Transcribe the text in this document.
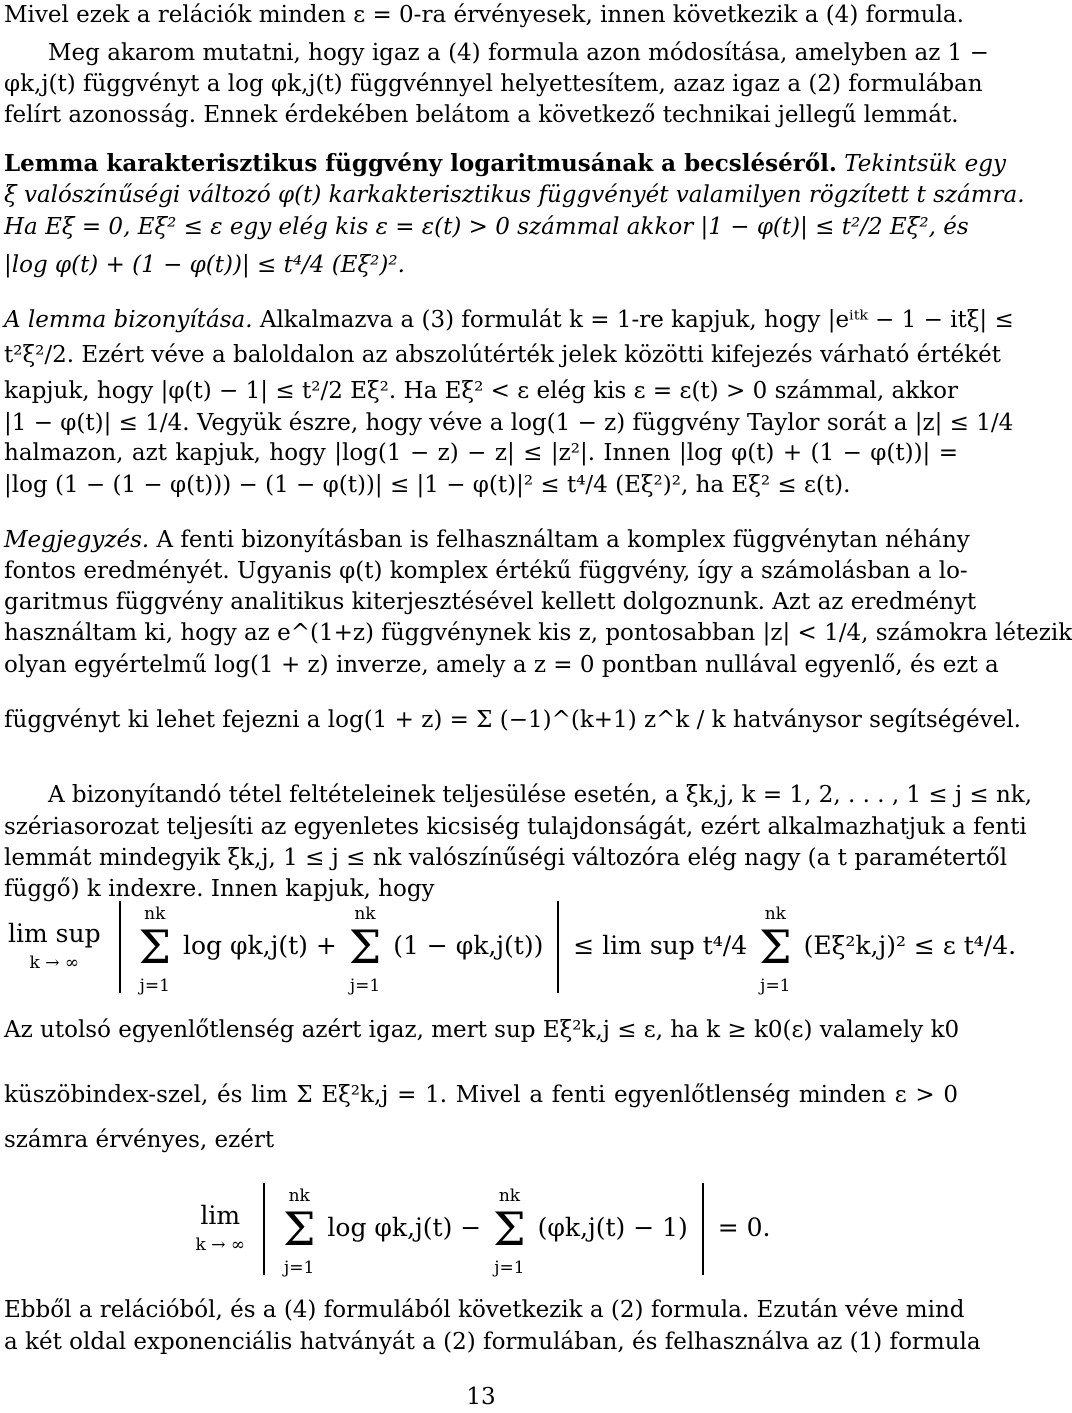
Mivel ezek a relációk minden ε = 0-ra érvényesek, innen következik a (4) formula.
Meg akarom mutatni, hogy igaz a (4) formula azon módosítása, amelyben az 1 −
φk,j(t) függvényt a log φk,j(t) függvénnyel helyettesítem, azaz igaz a (2) formulában
felírt azonosság. Ennek érdekében belátom a következő technikai jellegű lemmát.
Lemma karakterisztikus függvény logaritmusának a becsléséről. Tekintsük egy
ξ valószínűségi változó φ(t) karkakterisztikus függvényét valamilyen rögzített t számra.
Ha Eξ = 0, Eξ² ≤ ε egy elég kis ε = ε(t) > 0 számmal akkor |1 − φ(t)| ≤ t²/2 Eξ², és
|log φ(t) + (1 − φ(t))| ≤ t⁴/4 (Eξ²)².
A lemma bizonyítása. Alkalmazva a (3) formulát k = 1-re kapjuk, hogy |eⁱᵗᵏ − 1 − itξ| ≤
t²ξ²/2. Ezért véve a baloldalon az abszolútérték jelek közötti kifejezés várható értékét
kapjuk, hogy |φ(t) − 1| ≤ t²/2 Eξ². Ha Eξ² < ε elég kis ε = ε(t) > 0 számmal, akkor
|1 − φ(t)| ≤ 1/4. Vegyük észre, hogy véve a log(1 − z) függvény Taylor sorát a |z| ≤ 1/4
halmazon, azt kapjuk, hogy |log(1 − z) − z| ≤ |z²|. Innen |log φ(t) + (1 − φ(t))| =
|log (1 − (1 − φ(t))) − (1 − φ(t))| ≤ |1 − φ(t)|² ≤ t⁴/4 (Eξ²)², ha Eξ² ≤ ε(t).
Megjegyzés. A fenti bizonyításban is felhasználtam a komplex függvénytan néhány
fontos eredményét. Ugyanis φ(t) komplex értékű függvény, így a számolásban a lo-
garitmus függvény analitikus kiterjesztésével kellett dolgoznunk. Azt az eredményt
használtam ki, hogy az e^(1+z) függvénynek kis z, pontosabban |z| < 1/4, számokra létezik
olyan egyértelmű log(1 + z) inverze, amely a z = 0 pontban nullával egyenlő, és ezt a
függvényt ki lehet fejezni a log(1 + z) = Σ (−1)^(k+1) z^k / k hatványsor segítségével.
A bizonyítandó tétel feltételeinek teljesülése esetén, a ξk,j, k = 1, 2, . . . , 1 ≤ j ≤ nk,
szériasorozat teljesíti az egyenletes kicsiség tulajdonságát, ezért alkalmazhatjuk a fenti
lemmát mindegyik ξk,j, 1 ≤ j ≤ nk valószínűségi változóra elég nagy (a t paramétertől
függő) k indexre. Innen kapjuk, hogy
lim sup
k → ∞  nk
Σ
j=1 log φk,j(t) + nk
Σ
j=1 (1 − φk,j(t)) ≤ lim sup t⁴/4 nk
Σ
j=1 (Eξ²k,j)² ≤ ε t⁴/4.
Az utolsó egyenlőtlenség azért igaz, mert sup Eξ²k,j ≤ ε, ha k ≥ k0(ε) valamely k0
küszöbindex-szel, és lim Σ Eξ²k,j = 1. Mivel a fenti egyenlőtlenség minden ε > 0
számra érvényes, ezért
lim
k → ∞  nk
Σ
j=1 log φk,j(t) − nk
Σ
j=1 (φk,j(t) − 1) = 0.
Ebből a relációból, és a (4) formulából következik a (2) formula. Ezután véve mind
a két oldal exponenciális hatványát a (2) formulában, és felhasználva az (1) formula
13
